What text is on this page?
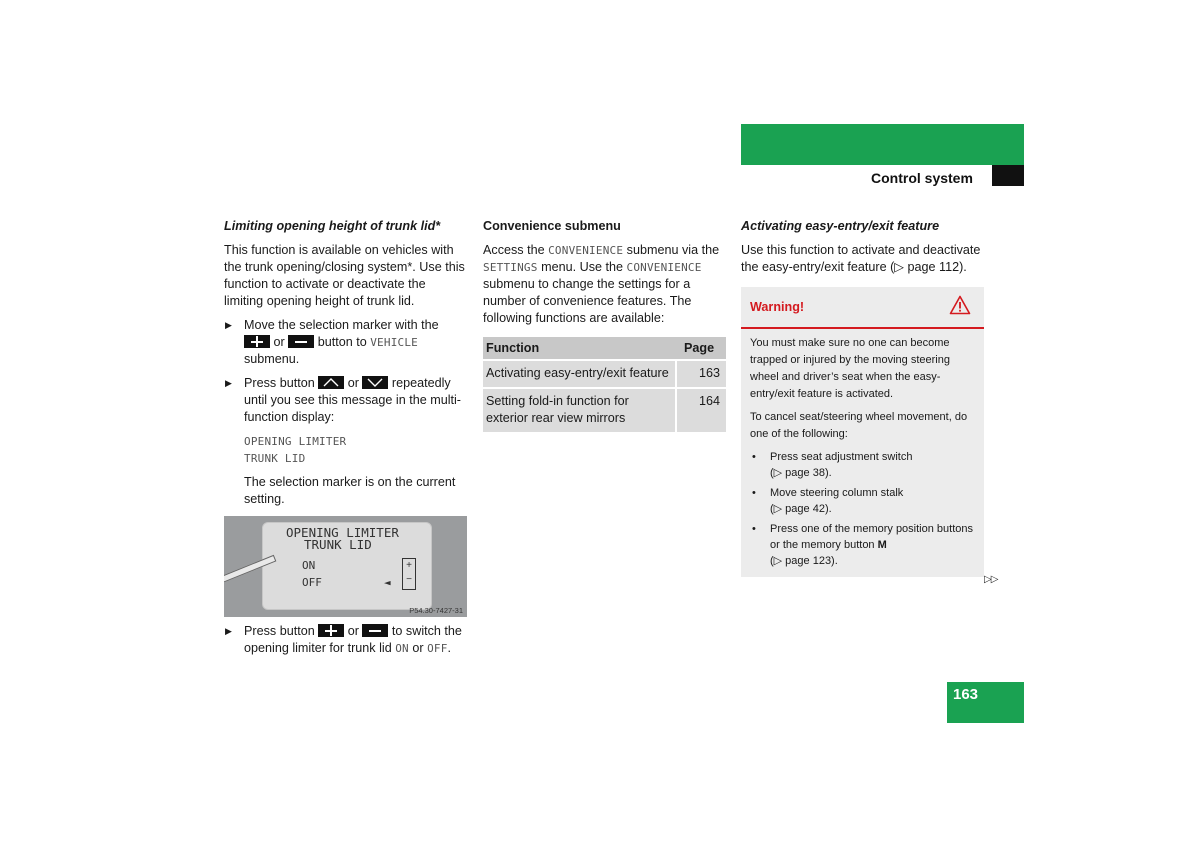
Controls in detail
Control system
Limiting opening height of trunk lid*

This function is available on vehicles with the trunk opening/closing system*. Use this function to activate or deactivate the limiting opening height of trunk lid.

▶ Move the selection marker with the  or	button to VEHICLE submenu.
▶ Press button	or	repeatedly until you see this message in the multi-function display:
OPENING LIMITER
TRUNK LID

The selection marker is on the current setting.

OPENING LIMITER
TRUNK LID
ON
OFF	◄
+
−
P54.30-7427-31
▶ Press button	or	to switch the opening limiter for trunk lid ON or OFF.
Convenience submenu

Access the CONVENIENCE submenu via the SETTINGS menu. Use the CONVENIENCE submenu to change the settings for a number of convenience features. The following functions are available:

Function	Page
Activating easy-entry/exit feature	163
Setting fold-in function for exterior rear view mirrors	164
Activating easy-entry/exit feature

Use this function to activate and deactivate the easy-entry/exit feature (▷ page 112).

Warning!

You must make sure no one can become trapped or injured by the moving steering wheel and driver’s seat when the easy-entry/exit feature is activated.

To cancel seat/steering wheel movement, do one of the following:

• Press seat adjustment switch
(▷ page 38).
• Move steering column stalk
(▷ page 42).
• Press one of the memory position buttons or the memory button M
(▷ page 123).
▷▷
163
